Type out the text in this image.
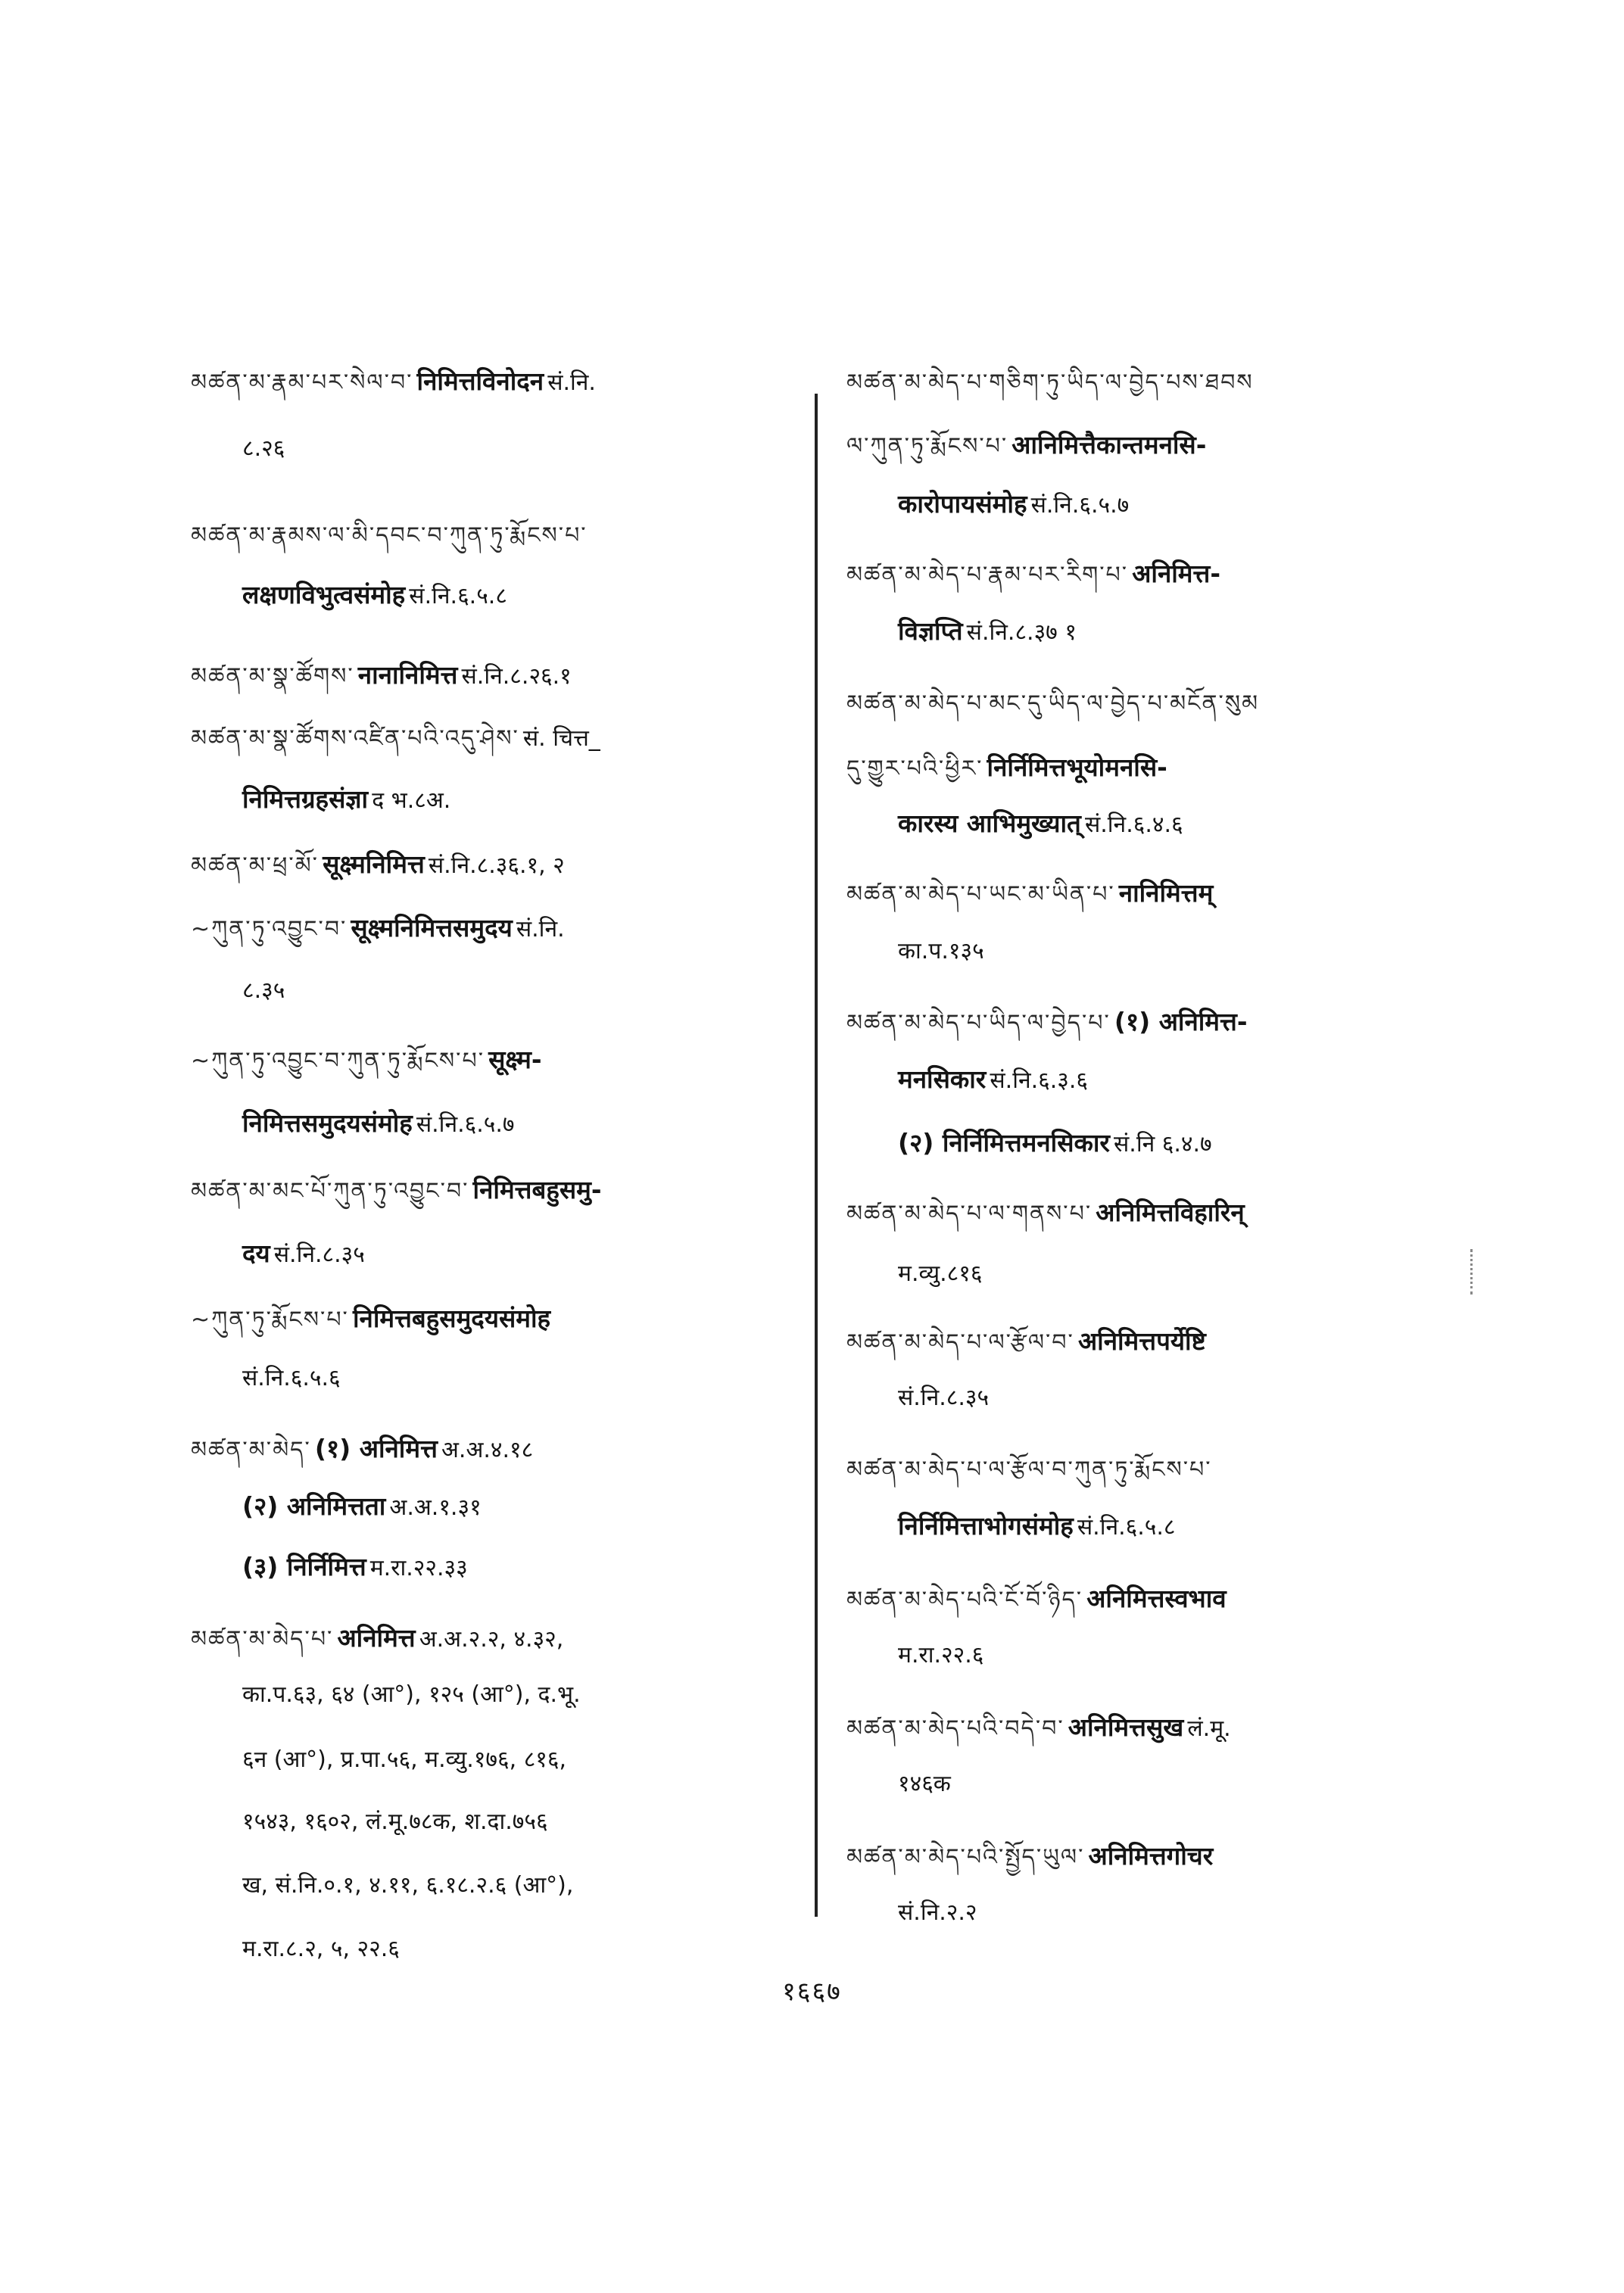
མཚན་མ་རྣམ་པར་སེལ་བ་ निमित्तविनोदन सं.नि.
८.२६
མཚན་མ་རྣམས་ལ་མི་དབང་བ་ཀུན་ཏུ་རྨོངས་པ་
लक्षणविभुत्वसंमोह सं.नि.६.५.८
མཚན་མ་སྣ་ཚོགས་ नानानिमित्त सं.नि.८.२६.१
མཚན་མ་སྣ་ཚོགས་འཛིན་པའི་འདུ་ཤེས་ सं. चित्त_
निमित्तग्रहसंज्ञा द भ.८अ.
མཚན་མ་ཕྲ་མོ་ सूक्ष्मनिमित्त सं.नि.८.३६.१, २
~ཀུན་ཏུ་འབྱུང་བ་ सूक्ष्मनिमित्तसमुदय सं.नि.
८.३५
~ཀུན་ཏུ་འབྱུང་བ་ཀུན་ཏུ་རྨོངས་པ་ सूक्ष्म-
निमित्तसमुदयसंमोह सं.नि.६.५.७
མཚན་མ་མང་པོ་ཀུན་ཏུ་འབྱུང་བ་ निमित्तबहुसमु-
दय सं.नि.८.३५
~ཀུན་ཏུ་རྨོངས་པ་ निमित्तबहुसमुदयसंमोह
सं.नि.६.५.६
མཚན་མ་མེད་ (१) अनिमित्त अ.अ.४.१८
(२) अनिमित्तता अ.अ.१.३१
(३) निर्निमित्त म.रा.२२.३३
མཚན་མ་མེད་པ་ अनिमित्त अ.अ.२.२, ४.३२,
का.प.६३, ६४ (आ°), १२५ (आ°), द.भू.
६न (आ°), प्र.पा.५६, म.व्यु.१७६, ८१६,
१५४३, १६०२, लं.मू.७८क, श.दा.७५६
ख, सं.नि.०.१, ४.११, ६.१८.२.६ (आ°),
म.रा.८.२, ५, २२.६
མཚན་མ་མེད་པ་གཅིག་ཏུ་ཡིད་ལ་བྱེད་པས་ཐབས
ལ་ཀུན་ཏུ་རྨོངས་པ་ आनिमित्तैकान्तमनसि-
कारोपायसंमोह सं.नि.६.५.७
མཚན་མ་མེད་པ་རྣམ་པར་རིག་པ་ अनिमित्त-
विज्ञप्ति सं.नि.८.३७ १
མཚན་མ་མེད་པ་མང་དུ་ཡིད་ལ་བྱེད་པ་མངོན་སུམ
དུ་གྱུར་པའི་ཕྱིར་ निर्निमित्तभूयोमनसि-
कारस्य आभिमुख्यात् सं.नि.६.४.६
མཚན་མ་མེད་པ་ཡང་མ་ཡིན་པ་ नानिमित्तम्
का.प.१३५
མཚན་མ་མེད་པ་ཡིད་ལ་བྱེད་པ་ (१) अनिमित्त-
मनसिकार सं.नि.६.३.६
(२) निर्निमित्तमनसिकार सं.नि ६.४.७
མཚན་མ་མེད་པ་ལ་གནས་པ་ अनिमित्तविहारिन्
म.व्यु.८१६
མཚན་མ་མེད་པ་ལ་རྩོལ་བ་ अनिमित्तपर्येष्टि
सं.नि.८.३५
མཚན་མ་མེད་པ་ལ་རྩོལ་བ་ཀུན་ཏུ་རྨོངས་པ་
निर्निमित्ताभोगसंमोह सं.नि.६.५.८
མཚན་མ་མེད་པའི་ངོ་བོ་ཉིད་ अनिमित्तस्वभाव
म.रा.२२.६
མཚན་མ་མེད་པའི་བདེ་བ་ अनिमित्तसुख लं.मू.
१४६क
མཚན་མ་མེད་པའི་སྤྱོད་ཡུལ་ अनिमित्तगोचर
सं.नि.२.२
१६६७
